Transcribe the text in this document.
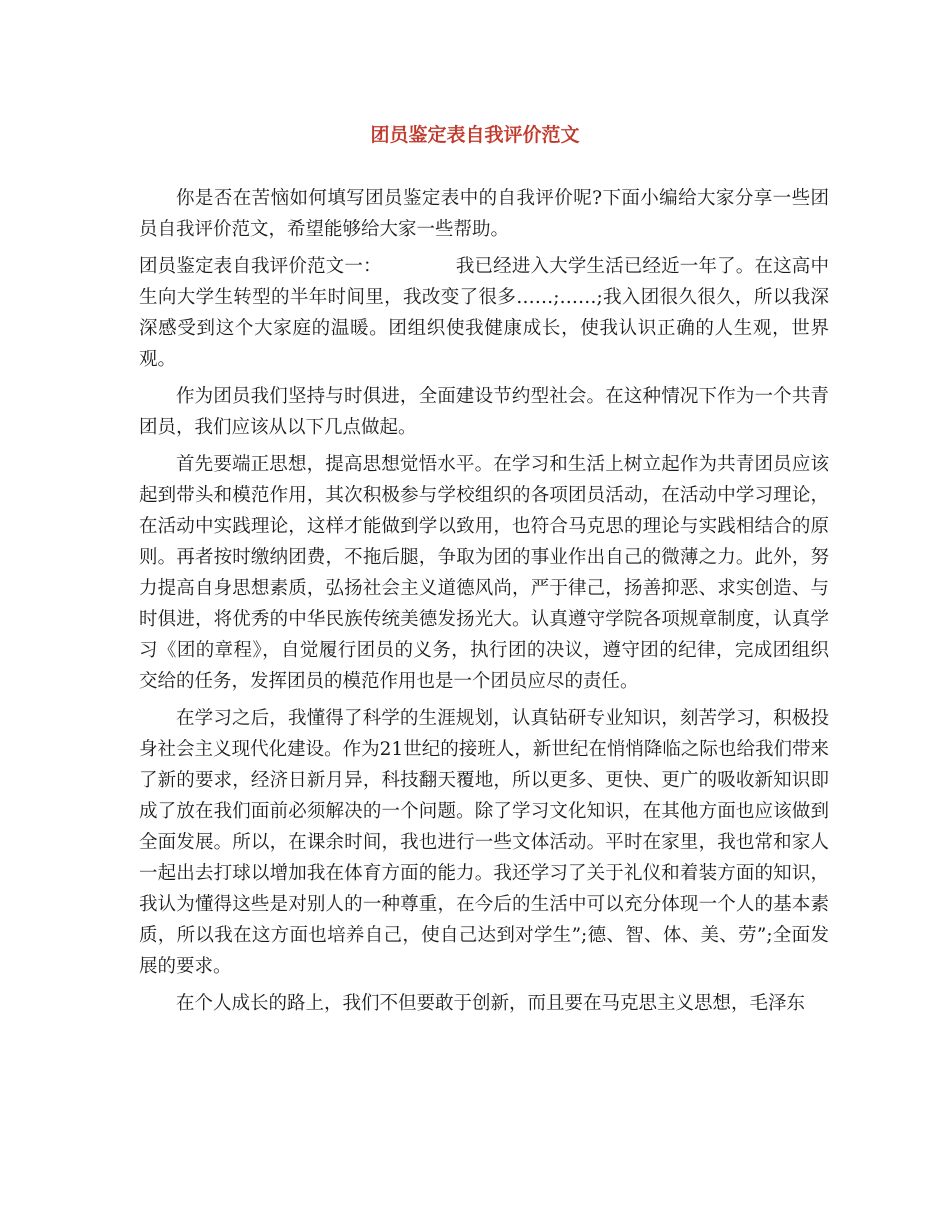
团员鉴定表自我评价范文

你是否在苦恼如何填写团员鉴定表中的自我评价呢?下面小编给大家分享一些团员自我评价范文，希望能够给大家一些帮助。

团员鉴定表自我评价范文一：	我已经进入大学生活已经近一年了。在这高中生向大学生转型的半年时间里，我改变了很多……;……;我入团很久很久，所以我深深感受到这个大家庭的温暖。团组织使我健康成长，使我认识正确的人生观，世界观。

作为团员我们坚持与时俱进，全面建设节约型社会。在这种情况下作为一个共青团员，我们应该从以下几点做起。

首先要端正思想，提高思想觉悟水平。在学习和生活上树立起作为共青团员应该起到带头和模范作用，其次积极参与学校组织的各项团员活动，在活动中学习理论，在活动中实践理论，这样才能做到学以致用，也符合马克思的理论与实践相结合的原则。再者按时缴纳团费，不拖后腿，争取为团的事业作出自己的微薄之力。此外，努力提高自身思想素质，弘扬社会主义道德风尚，严于律己，扬善抑恶、求实创造、与时俱进，将优秀的中华民族传统美德发扬光大。认真遵守学院各项规章制度，认真学习《团的章程》，自觉履行团员的义务，执行团的决议，遵守团的纪律，完成团组织交给的任务，发挥团员的模范作用也是一个团员应尽的责任。

在学习之后，我懂得了科学的生涯规划，认真钻研专业知识，刻苦学习，积极投身社会主义现代化建设。作为21世纪的接班人，新世纪在悄悄降临之际也给我们带来了新的要求，经济日新月异，科技翻天覆地，所以更多、更快、更广的吸收新知识即成了放在我们面前必须解决的一个问题。除了学习文化知识，在其他方面也应该做到全面发展。所以，在课余时间，我也进行一些文体活动。平时在家里，我也常和家人一起出去打球以增加我在体育方面的能力。我还学习了关于礼仪和着装方面的知识，我认为懂得这些是对别人的一种尊重，在今后的生活中可以充分体现一个人的基本素质，所以我在这方面也培养自己，使自己达到对学生”;德、智、体、美、劳”;全面发展的要求。

在个人成长的路上，我们不但要敢于创新，而且要在马克思主义思想，毛泽东
